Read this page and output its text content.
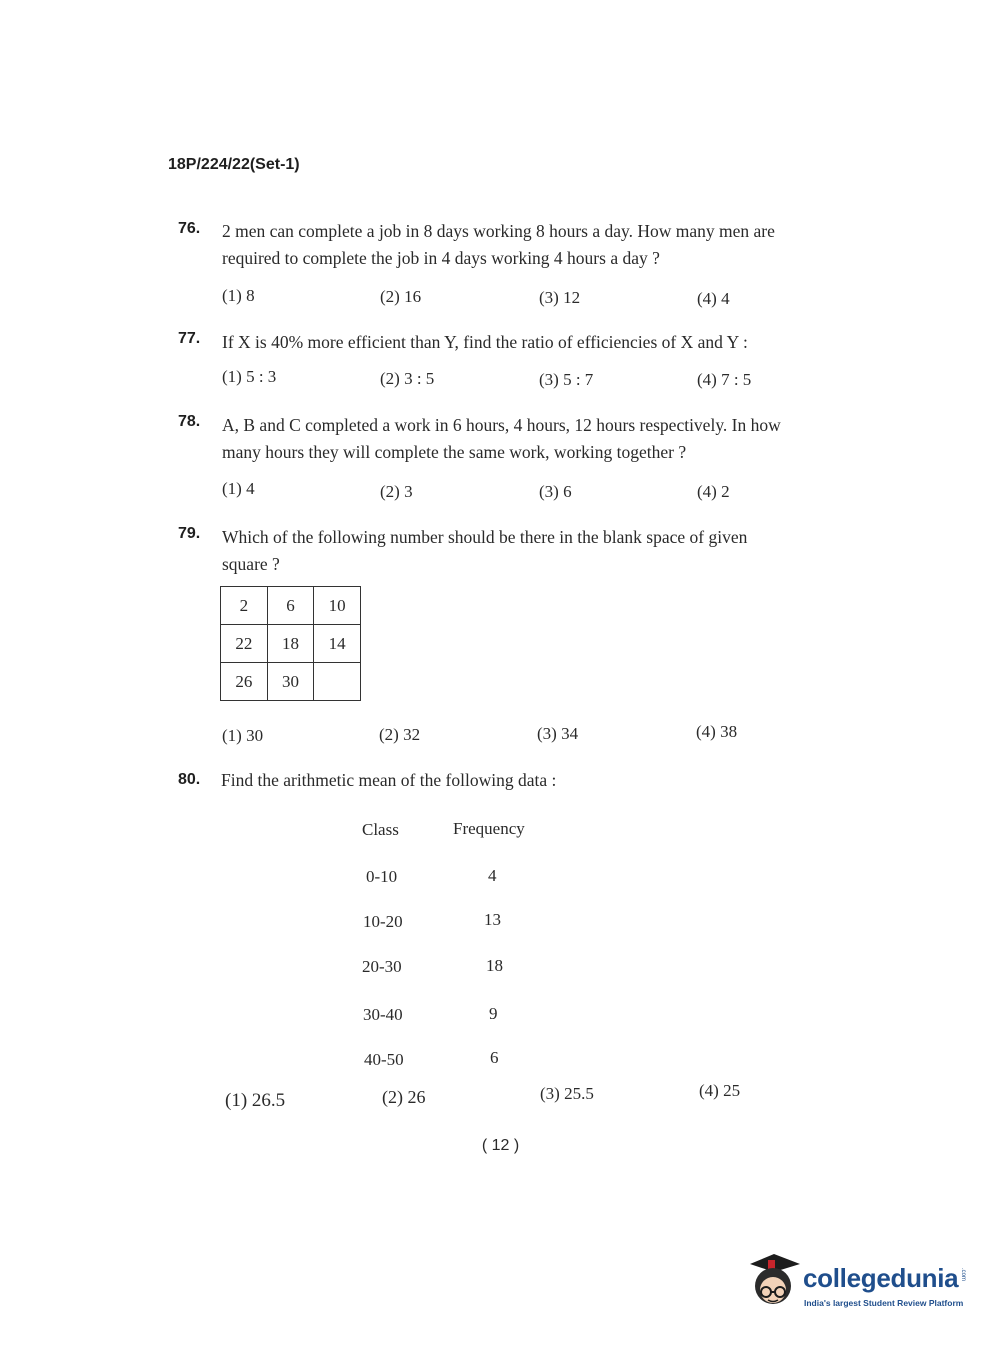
18P/224/22(Set-1)
76. 2 men can complete a job in 8 days working 8 hours a day. How many men are
required to complete the job in 4 days working 4 hours a day ?
(1) 8	(2) 16	(3) 12	(4) 4
77. If X is 40% more efficient than Y, find the ratio of efficiencies of X and Y :
(1) 5 : 3	(2) 3 : 5	(3) 5 : 7	(4) 7 : 5
78. A, B and C completed a work in 6 hours, 4 hours, 12 hours respectively. In how
many hours they will complete the same work, working together ?
(1) 4	(2) 3	(3) 6	(4) 2
79. Which of the following number should be there in the blank space of given
square ?
2	6	10
22	18	14
26	30	
(1) 30	(2) 32	(3) 34	(4) 38
80. Find the arithmetic mean of the following data :
Class	Frequency
0-10	4
10-20	13
20-30	18
30-40	9
40-50	6
(1) 26.5	(2) 26	(3) 25.5	(4) 25
( 12 )
collegedunia .com
India's largest Student Review Platform
